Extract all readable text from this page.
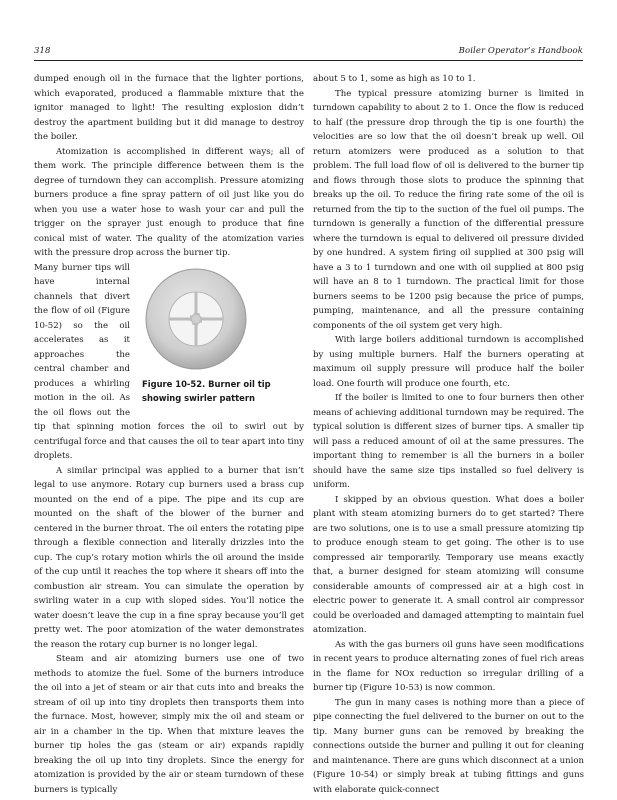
318	Boiler Operator’s Handbook

dumped enough oil in the furnace that the lighter portions, which evaporated, produced a flammable mixture that the ignitor managed to light! The resulting explosion didn’t destroy the apartment building but it did manage to destroy the boiler.

Atomization is accomplished in different ways; all of them work. The principle difference between them is the degree of turndown they can accomplish. Pressure atomizing burners produce a fine spray pattern of oil just like you do when you use a water hose to wash your car and pull the trigger on the sprayer just enough to produce that fine conical mist of water. The quality of the atomization varies with the pressure drop across the burner tip.

Figure 10-52. Burner oil tip showing swirler pattern

Many burner tips will have internal channels that divert the flow of oil (Figure 10-52) so the oil accelerates as it approaches the central chamber and produces a whirling motion in the oil. As the oil flows out the tip that spinning motion forces the oil to swirl out by centrifugal force and that causes the oil to tear apart into tiny droplets.

A similar principal was applied to a burner that isn’t legal to use anymore. Rotary cup burners used a brass cup mounted on the end of a pipe. The pipe and its cup are mounted on the shaft of the blower of the burner and centered in the burner throat. The oil enters the rotating pipe through a flexible connection and literally drizzles into the cup. The cup’s rotary motion whirls the oil around the inside of the cup until it reaches the top where it shears off into the combustion air stream. You can simulate the operation by swirling water in a cup with sloped sides. You’ll notice the water doesn’t leave the cup in a fine spray because you’ll get pretty wet. The poor atomization of the water demonstrates the reason the rotary cup burner is no longer legal.

Steam and air atomizing burners use one of two methods to atomize the fuel. Some of the burners introduce the oil into a jet of steam or air that cuts into and breaks the stream of oil up into tiny droplets then transports them into the furnace. Most, however, simply mix the oil and steam or air in a chamber in the tip. When that mixture leaves the burner tip holes the gas (steam or air) expands rapidly breaking the oil up into tiny droplets. Since the energy for atomization is provided by the air or steam turndown of these burners is typically

about 5 to 1, some as high as 10 to 1.

The typical pressure atomizing burner is limited in turndown capability to about 2 to 1. Once the flow is reduced to half (the pressure drop through the tip is one fourth) the velocities are so low that the oil doesn’t break up well. Oil return atomizers were produced as a solution to that problem. The full load flow of oil is delivered to the burner tip and flows through those slots to produce the spinning that breaks up the oil. To reduce the firing rate some of the oil is returned from the tip to the suction of the fuel oil pumps. The turndown is generally a function of the differential pressure where the turndown is equal to delivered oil pressure divided by one hundred. A system firing oil supplied at 300 psig will have a 3 to 1 turndown and one with oil supplied at 800 psig will have an 8 to 1 turndown. The practical limit for those burners seems to be 1200 psig because the price of pumps, pumping, maintenance, and all the pressure containing components of the oil system get very high.

With large boilers additional turndown is accomplished by using multiple burners. Half the burners operating at maximum oil supply pressure will produce half the boiler load. One fourth will produce one fourth, etc.

If the boiler is limited to one to four burners then other means of achieving additional turndown may be required. The typical solution is different sizes of burner tips. A smaller tip will pass a reduced amount of oil at the same pressures. The important thing to remember is all the burners in a boiler should have the same size tips installed so fuel delivery is uniform.

I skipped by an obvious question. What does a boiler plant with steam atomizing burners do to get started? There are two solutions, one is to use a small pressure atomizing tip to produce enough steam to get going. The other is to use compressed air temporarily. Temporary use means exactly that, a burner designed for steam atomizing will consume considerable amounts of compressed air at a high cost in electric power to generate it. A small control air compressor could be overloaded and damaged attempting to maintain fuel atomization.

As with the gas burners oil guns have seen modifications in recent years to produce alternating zones of fuel rich areas in the flame for NOx reduction so irregular drilling of a burner tip (Figure 10-53) is now common.

The gun in many cases is nothing more than a piece of pipe connecting the fuel delivered to the burner on out to the tip. Many burner guns can be removed by breaking the connections outside the burner and pulling it out for cleaning and maintenance. There are guns which disconnect at a union (Figure 10-54) or simply break at tubing fittings and guns with elaborate quick-connect
